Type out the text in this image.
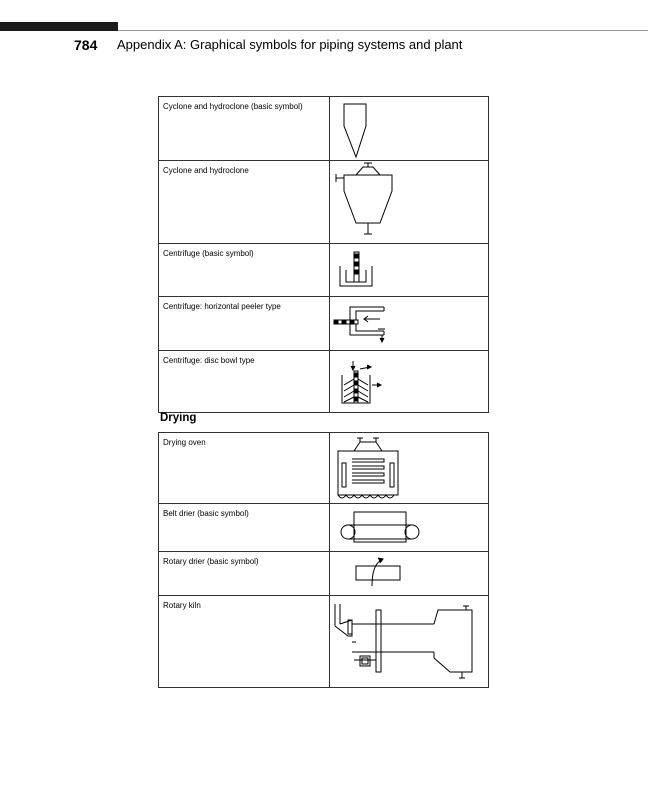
784 Appendix A: Graphical symbols for piping systems and plant
Cyclone and hydroclone (basic symbol)	

Cyclone and hydroclone	

Centrifuge (basic symbol)	

Centrifuge: horizontal peeler type	

Centrifuge: disc bowl type	
Drying
Drying oven	

Belt drier (basic symbol)	

Rotary drier (basic symbol)	

Rotary kiln	
